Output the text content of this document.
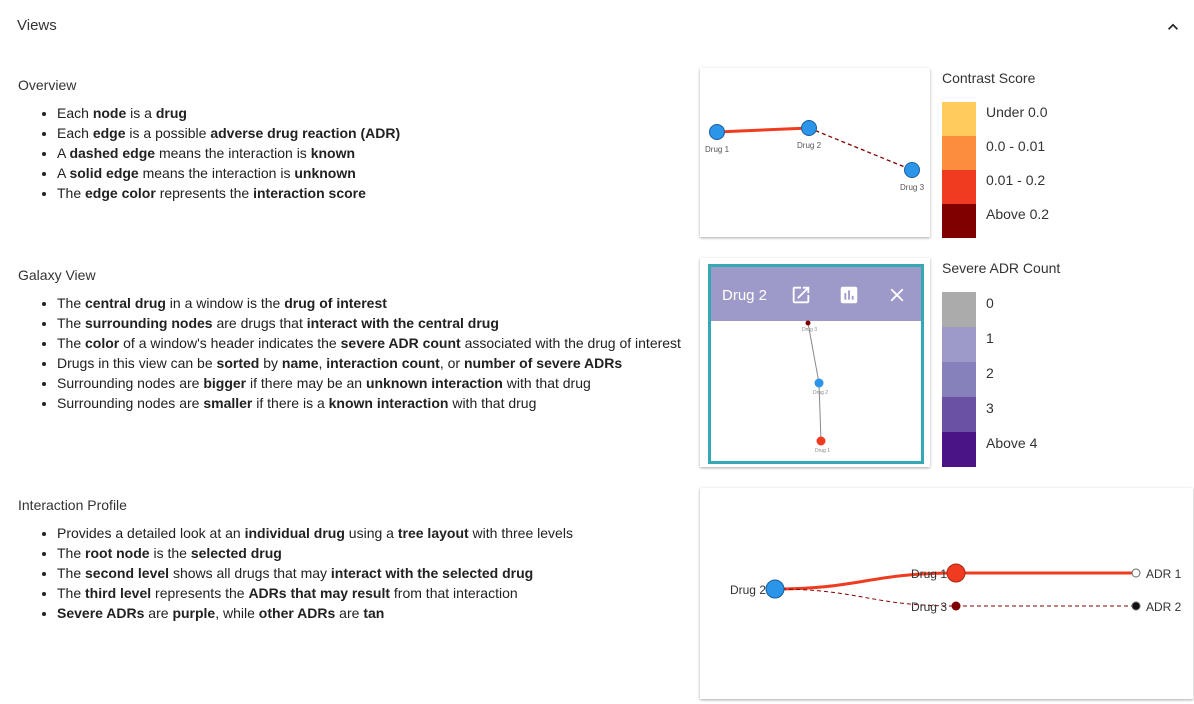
Views
Overview
• Each node is a drug
• Each edge is a possible adverse drug reaction (ADR)
• A dashed edge means the interaction is known
• A solid edge means the interaction is unknown
• The edge color represents the interaction score
Drug 1	Drug 2
Drug 3
Contrast Score
Under 0.0
0.0 - 0.01
0.01 - 0.2
Above 0.2
Galaxy View
• The central drug in a window is the drug of interest
• The surrounding nodes are drugs that interact with the central drug
• The color of a window's header indicates the severe ADR count associated with the drug of interest
• Drugs in this view can be sorted by name, interaction count, or number of severe ADRs
• Surrounding nodes are bigger if there may be an unknown interaction with that drug
• Surrounding nodes are smaller if there is a known interaction with that drug
Drug 2
Drug 3
Drug 2
Drug 1
Severe ADR Count
0
1
2
3
Above 4
Interaction Profile
• Provides a detailed look at an individual drug using a tree layout with three levels
• The root node is the selected drug
• The second level shows all drugs that may interact with the selected drug
• The third level represents the ADRs that may result from that interaction
• Severe ADRs are purple, while other ADRs are tan
Drug 2
Drug 1
Drug 3
ADR 1
ADR 2
